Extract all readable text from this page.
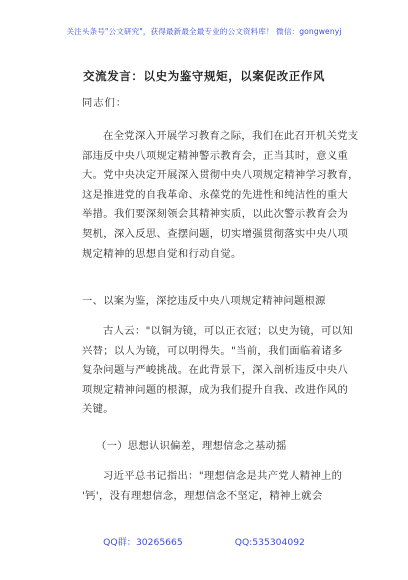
关注头条号"公文研究"，获得最新最全最专业的公文资料库！ 微信：gongwenyj
交流发言：以史为鉴守规矩，以案促改正作风
同志们：
在全党深入开展学习教育之际，我们在此召开机关党支
部违反中央八项规定精神警示教育会，正当其时，意义重
大。党中央决定开展深入贯彻中央八项规定精神学习教育，
这是推进党的自我革命、永葆党的先进性和纯洁性的重大
举措。我们要深刻领会其精神实质，以此次警示教育会为
契机，深入反思、查摆问题，切实增强贯彻落实中央八项
规定精神的思想自觉和行动自觉。
一、以案为鉴，深挖违反中央八项规定精神问题根源
古人云："以铜为镜，可以正衣冠；以史为镜，可以知
兴替；以人为镜，可以明得失。"当前，我们面临着诸多
复杂问题与严峻挑战。在此背景下，深入剖析违反中央八
项规定精神问题的根源，成为我们提升自我、改进作风的
关键。
（一）思想认识偏差，理想信念之基动摇
习近平总书记指出："理想信念是共产党人精神上的
'钙'，没有理想信念，理想信念不坚定，精神上就会
QQ群：30265665	QQ:535304092
